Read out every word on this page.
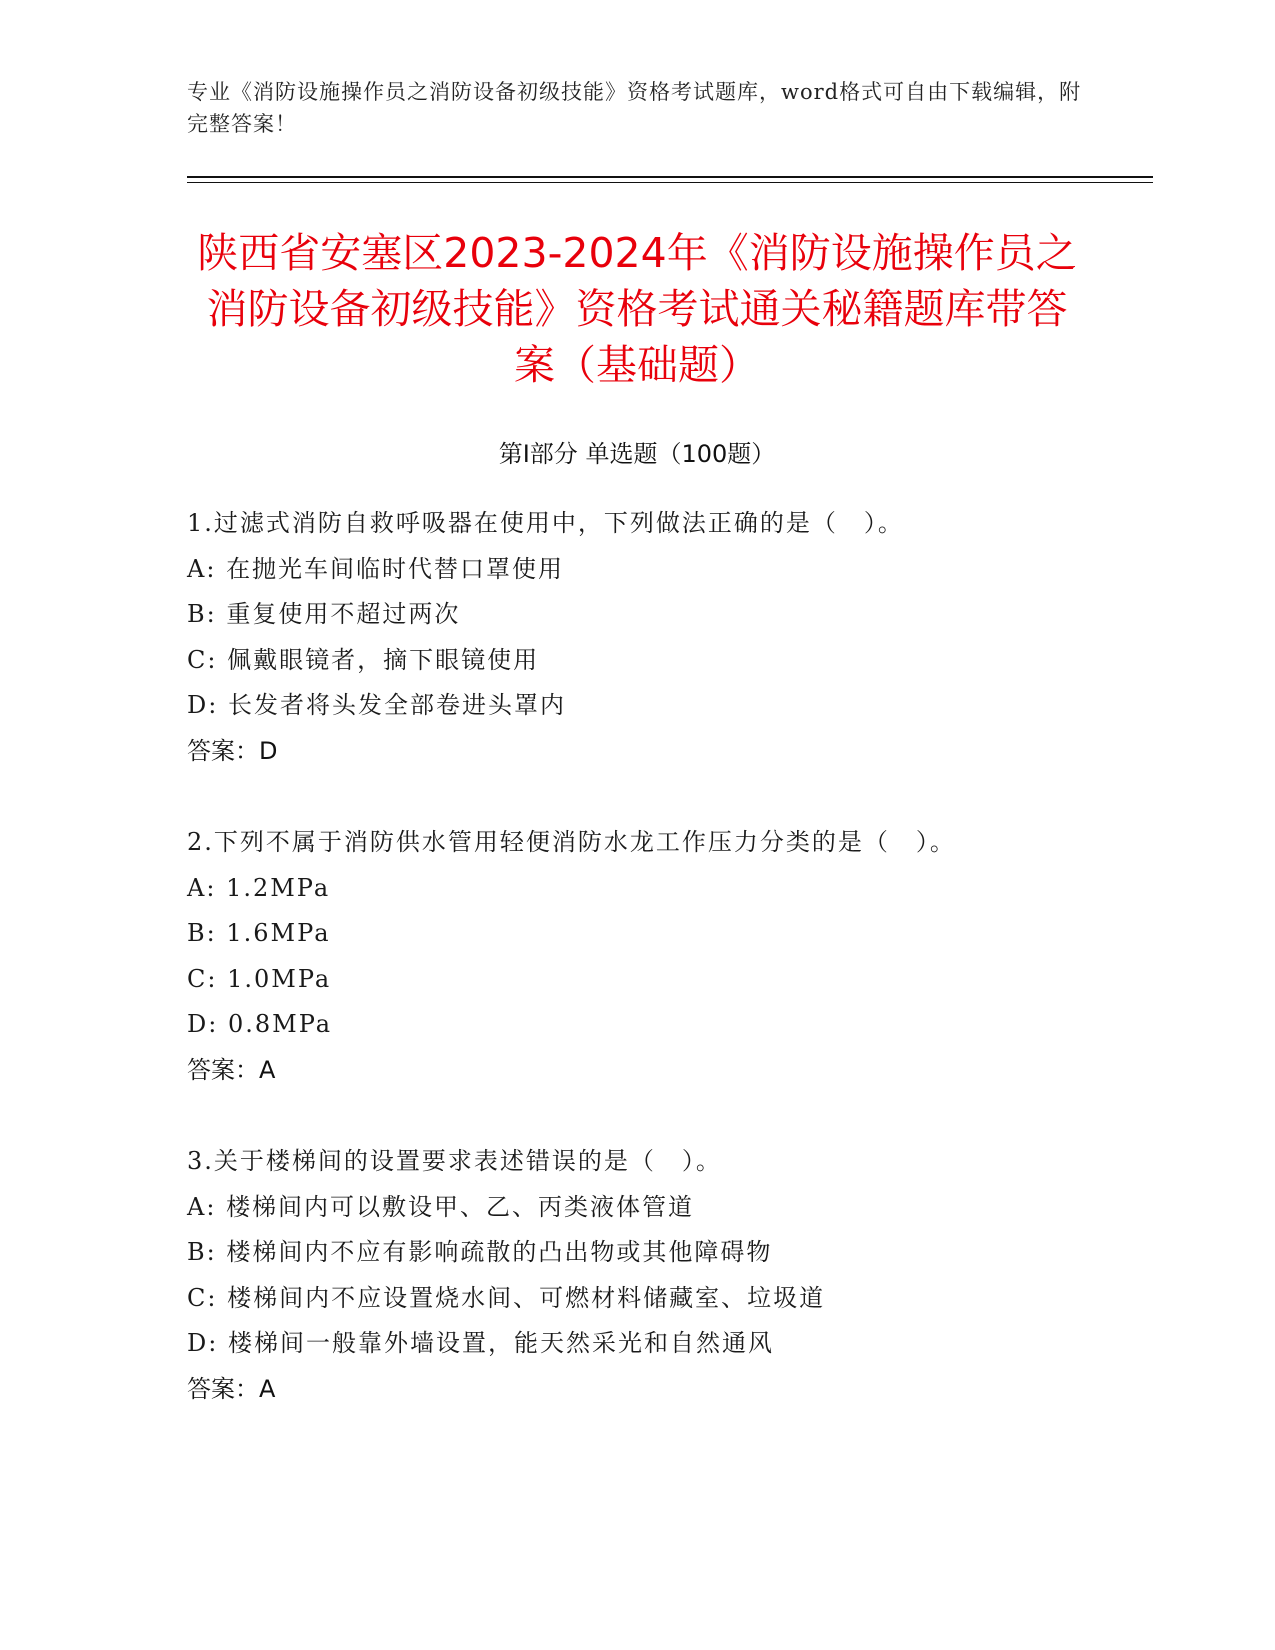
专业《消防设施操作员之消防设备初级技能》资格考试题库，word格式可自由下载编辑，附完整答案！
陕西省安塞区2023-2024年《消防设施操作员之消防设备初级技能》资格考试通关秘籍题库带答案（基础题）
第Ⅰ部分 单选题（100题）
1.过滤式消防自救呼吸器在使用中，下列做法正确的是（　）。
A: 在抛光车间临时代替口罩使用
B: 重复使用不超过两次
C: 佩戴眼镜者，摘下眼镜使用
D: 长发者将头发全部卷进头罩内
答案：D
2.下列不属于消防供水管用轻便消防水龙工作压力分类的是（　）。
A: 1.2MPa
B: 1.6MPa
C: 1.0MPa
D: 0.8MPa
答案：A
3.关于楼梯间的设置要求表述错误的是（　）。
A: 楼梯间内可以敷设甲、乙、丙类液体管道
B: 楼梯间内不应有影响疏散的凸出物或其他障碍物
C: 楼梯间内不应设置烧水间、可燃材料储藏室、垃圾道
D: 楼梯间一般靠外墙设置，能天然采光和自然通风
答案：A
